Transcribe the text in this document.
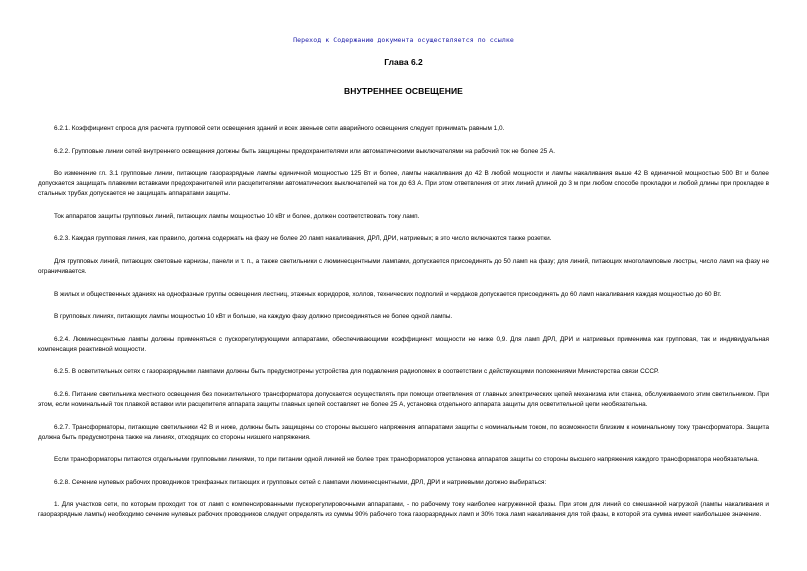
Переход к Содержанию документа осуществляется по ссылке
Глава 6.2
ВНУТРЕННЕЕ ОСВЕЩЕНИЕ

6.2.1. Коэффициент спроса для расчета групповой сети освещения зданий и всех звеньев сети аварийного освещения следует принимать равным 1,0.

6.2.2. Групповые линии сетей внутреннего освещения должны быть защищены предохранителями или автоматическими выключателями на рабочий ток не более 25 А.

Во изменение гл. 3.1 групповые линии, питающие газоразрядные лампы единичной мощностью 125 Вт и более, лампы накаливания до 42 В любой мощности и лампы накаливания выше 42 В единичной мощностью 500 Вт и более допускается защищать плавкими вставками предохранителей или расцепителями автоматических выключателей на ток до 63 А. При этом ответвления от этих линий длиной до 3 м при любом способе прокладки и любой длины при прокладке в стальных трубах допускается не защищать аппаратами защиты.

Ток аппаратов защиты групповых линий, питающих лампы мощностью 10 кВт и более, должен соответствовать току ламп.

6.2.3. Каждая групповая линия, как правило, должна содержать на фазу не более 20 ламп накаливания, ДРЛ, ДРИ, натриевых; в это число включаются также розетки.

Для групповых линий, питающих световые карнизы, панели и т. п., а также светильники с люминесцентными лампами, допускается присоединять до 50 ламп на фазу; для линий, питающих многоламповые люстры, число ламп на фазу не ограничивается.

В жилых и общественных зданиях на однофазные группы освещения лестниц, этажных коридоров, холлов, технических подполий и чердаков допускается присоединять до 60 ламп накаливания каждая мощностью до 60 Вт.

В групповых линиях, питающих лампы мощностью 10 кВт и больше, на каждую фазу должно присоединяться не более одной лампы.

6.2.4. Люминесцентные лампы должны применяться с пускорегулирующими аппаратами, обеспечивающими коэффициент мощности не ниже 0,9. Для ламп ДРЛ, ДРИ и натриевых применима как групповая, так и индивидуальная компенсация реактивной мощности.

6.2.5. В осветительных сетях с газоразрядными лампами должны быть предусмотрены устройства для подавления радиопомех в соответствии с действующими положениями Министерства связи СССР.

6.2.6. Питание светильника местного освещения без понизительного трансформатора допускается осуществлять при помощи ответвления от главных электрических цепей механизма или станка, обслуживаемого этим светильником. При этом, если номинальный ток плавкой вставки или расцепителя аппарата защиты главных цепей составляет не более 25 А, установка отдельного аппарата защиты для осветительной цепи необязательна.

6.2.7. Трансформаторы, питающие светильники 42 В и ниже, должны быть защищены со стороны высшего напряжения аппаратами защиты с номинальным током, по возможности близким к номинальному току трансформатора. Защита должна быть предусмотрена также на линиях, отходящих со стороны низшего напряжения.

Если трансформаторы питаются отдельными групповыми линиями, то при питании одной линией не более трех трансформаторов установка аппаратов защиты со стороны высшего напряжения каждого трансформатора необязательна.

6.2.8. Сечение нулевых рабочих проводников трехфазных питающих и групповых сетей с лампами люминесцентными, ДРЛ, ДРИ и натриевыми должно выбираться:

1. Для участков сети, по которым проходит ток от ламп с компенсированными пускорегулировочными аппаратами, - по рабочему току наиболее нагруженной фазы. При этом для линий со смешанной нагрузкой (лампы накаливания и газоразрядные лампы) необходимо сечение нулевых рабочих проводников следует определять из суммы 90% рабочего тока газоразрядных ламп и 30% тока ламп накаливания для той фазы, в которой эта сумма имеет наибольшее значение.
